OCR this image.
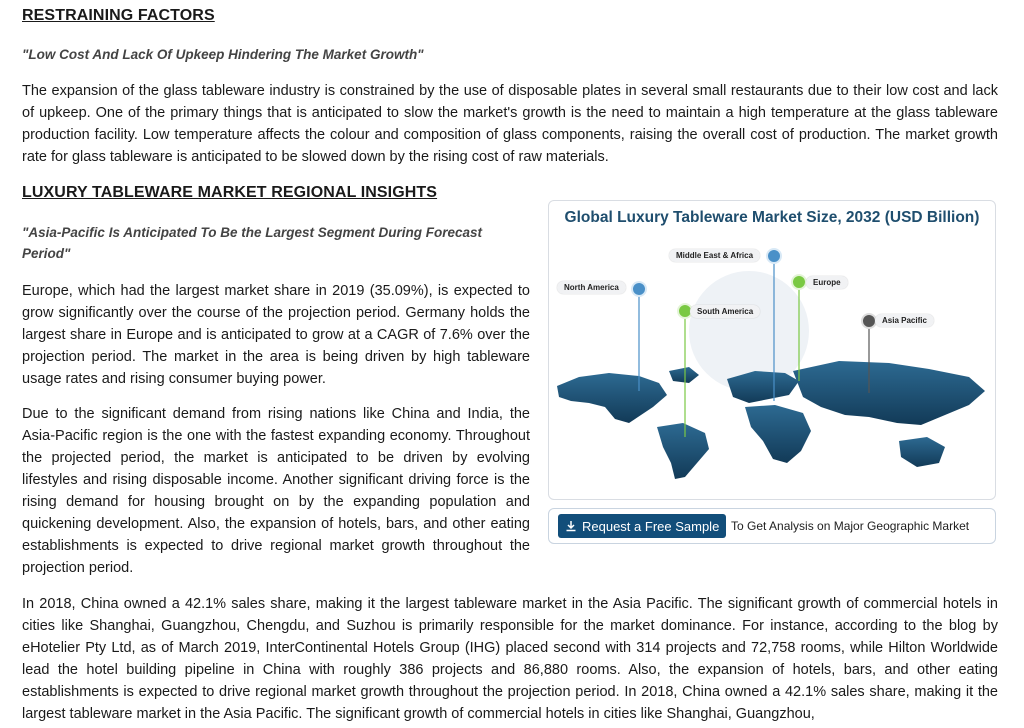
RESTRAINING FACTORS
"Low Cost And Lack Of Upkeep Hindering The Market Growth"

The expansion of the glass tableware industry is constrained by the use of disposable plates in several small restaurants due to their low cost and lack of upkeep. One of the primary things that is anticipated to slow the market's growth is the need to maintain a high temperature at the glass tableware production facility. Low temperature affects the colour and composition of glass components, raising the overall cost of production. The market growth rate for glass tableware is anticipated to be slowed down by the rising cost of raw materials.

LUXURY TABLEWARE MARKET REGIONAL INSIGHTS
"Asia-Pacific Is Anticipated To Be the Largest Segment During Forecast Period"

Europe, which had the largest market share in 2019 (35.09%), is expected to grow significantly over the course of the projection period. Germany holds the largest share in Europe and is anticipated to grow at a CAGR of 7.6% over the projection period. The market in the area is being driven by high tableware usage rates and rising consumer buying power.

Due to the significant demand from rising nations like China and India, the Asia-Pacific region is the one with the fastest expanding economy. Throughout the projected period, the market is anticipated to be driven by evolving lifestyles and rising disposable income. Another significant driving force is the rising demand for housing brought on by the expanding population and quickening development. Also, the expansion of hotels, bars, and other eating establishments is expected to drive regional market growth throughout the projection period.

In 2018, China owned a 42.1% sales share, making it the largest tableware market in the Asia Pacific. The significant growth of commercial hotels in cities like Shanghai, Guangzhou, Chengdu, and Suzhou is primarily responsible for the market dominance. For instance, according to the blog by eHotelier Pty Ltd, as of March 2019, InterContinental Hotels Group (IHG) placed second with 314 projects and 72,758 rooms, while Hilton Worldwide lead the hotel building pipeline in China with roughly 386 projects and 86,880 rooms. Also, the expansion of hotels, bars, and other eating establishments is expected to drive regional market growth throughout the projection period. In 2018, China owned a 42.1% sales share, making it the largest tableware market in the Asia Pacific. The significant growth of commercial hotels in cities like Shanghai, Guangzhou,

Global Luxury Tableware Market Size, 2032 (USD Billion)
North America
Middle East & Africa
South America
Europe
Asia Pacific
Request a Free Sample To Get Analysis on Major Geographic Market
